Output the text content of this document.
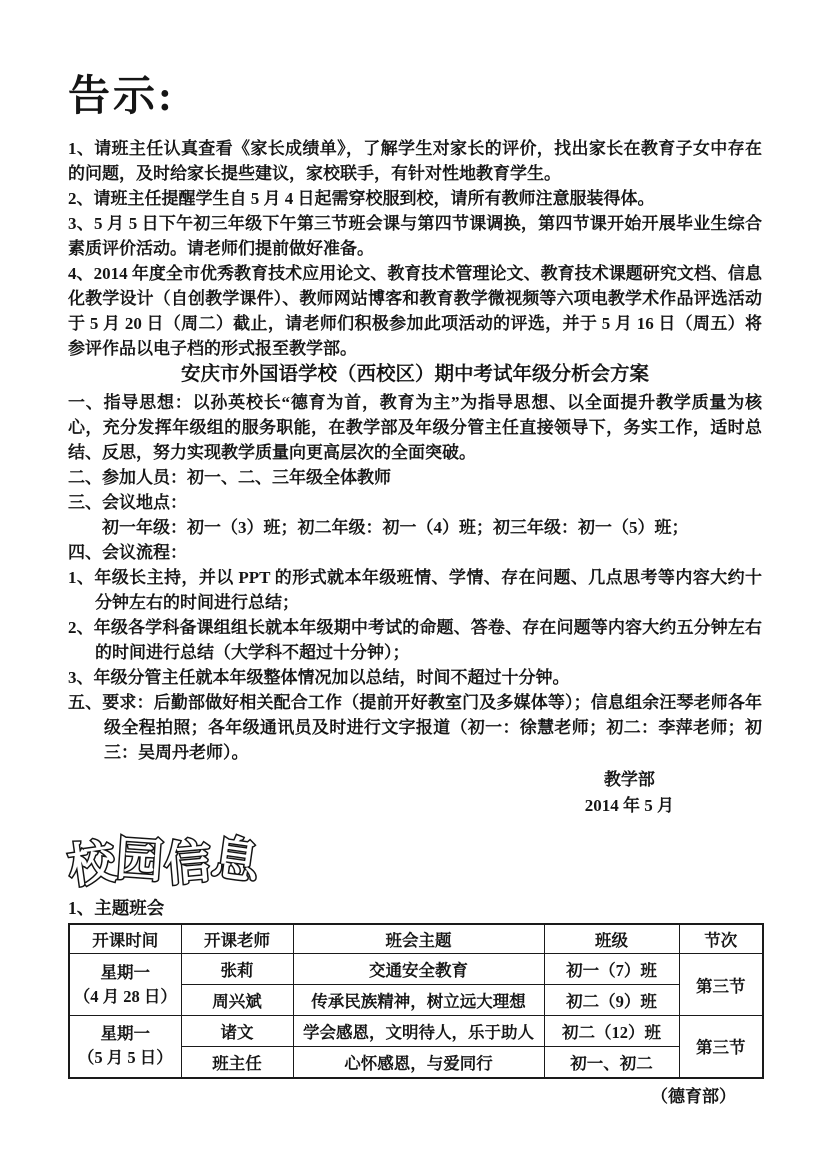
告示:

1、请班主任认真查看《家长成绩单》，了解学生对家长的评价，找出家长在教育子女中存在的问题，及时给家长提些建议，家校联手，有针对性地教育学生。

2、请班主任提醒学生自 5 月 4 日起需穿校服到校，请所有教师注意服装得体。

3、5 月 5 日下午初三年级下午第三节班会课与第四节课调换，第四节课开始开展毕业生综合素质评价活动。请老师们提前做好准备。

4、2014 年度全市优秀教育技术应用论文、教育技术管理论文、教育技术课题研究文档、信息化教学设计（自创教学课件）、教师网站博客和教育教学微视频等六项电教学术作品评选活动于 5 月 20 日（周二）截止，请老师们积极参加此项活动的评选，并于 5 月 16 日（周五）将参评作品以电子档的形式报至教学部。

安庆市外国语学校（西校区）期中考试年级分析会方案

一、指导思想：以孙英校长“德育为首，教育为主”为指导思想、以全面提升教学质量为核心，充分发挥年级组的服务职能，在教学部及年级分管主任直接领导下，务实工作，适时总结、反思，努力实现教学质量向更高层次的全面突破。

二、参加人员：初一、二、三年级全体教师

三、会议地点：

初一年级：初一（3）班；初二年级：初一（4）班；初三年级：初一（5）班；

四、会议流程：

1、年级长主持，并以 PPT 的形式就本年级班情、学情、存在问题、几点思考等内容大约十分钟左右的时间进行总结；

2、年级各学科备课组组长就本年级期中考试的命题、答卷、存在问题等内容大约五分钟左右的时间进行总结（大学科不超过十分钟）；

3、年级分管主任就本年级整体情况加以总结，时间不超过十分钟。

五、要求：后勤部做好相关配合工作（提前开好教室门及多媒体等）；信息组余汪琴老师各年级全程拍照；各年级通讯员及时进行文字报道（初一：徐慧老师；初二：李萍老师；初三：吴周丹老师）。

教学部
2014 年 5 月
校
园
信
息

1、主题班会

开课时间	开课老师	班会主题	班级	节次

星期一
（4 月 28 日）	张莉	交通安全教育	初一（7）班	第三节
	周兴斌	传承民族精神，树立远大理想	初二（9）班	

星期一
（5 月 5 日）	诸文	学会感恩，文明待人，乐于助人	初二（12）班	第三节
	班主任	心怀感恩，与爱同行	初一、初二	
（德育部）
